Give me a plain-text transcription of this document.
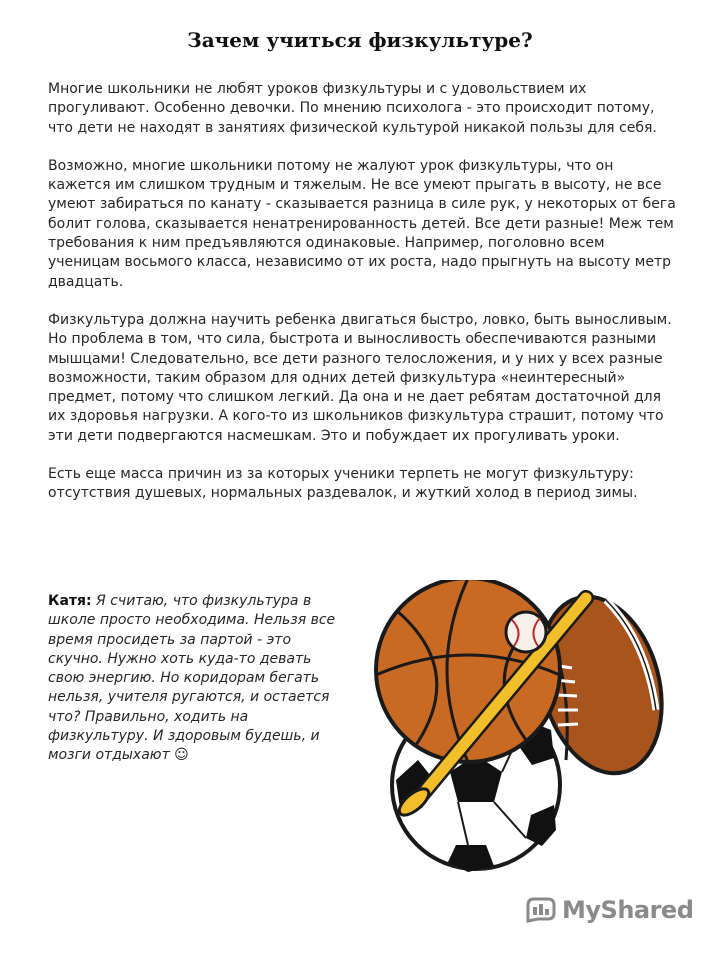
Зачем учиться физкультуре?

Многие школьники не любят уроков физкультуры и с удовольствием их прогуливают. Особенно девочки. По мнению психолога - это происходит потому, что дети не находят в занятиях физической культурой никакой пользы для себя.

Возможно, многие школьники потому не жалуют урок физкультуры, что он кажется им слишком трудным и тяжелым. Не все умеют прыгать в высоту, не все умеют забираться по канату - сказывается разница в силе рук, у некоторых от бега болит голова, сказывается ненатренированность детей. Все дети разные! Меж тем требования к ним предъявляются одинаковые. Например, поголовно всем ученицам восьмого класса, независимо от их роста, надо прыгнуть на высоту метр двадцать.

Физкультура должна научить ребенка двигаться быстро, ловко, быть выносливым. Но проблема в том, что сила, быстрота и выносливость обеспечиваются разными мышцами! Следовательно, все дети разного телосложения, и у них у всех разные возможности, таким образом для одних детей физкультура «неинтересный» предмет, потому что слишком легкий. Да она и не дает ребятам достаточной для их здоровья нагрузки. А кого-то из школьников физкультура страшит, потому что эти дети подвергаются насмешкам. Это и побуждает их прогуливать уроки.

Есть еще масса причин из за которых ученики терпеть не могут физкультуру: отсутствия душевых, нормальных раздевалок, и жуткий холод в период зимы.

Катя: Я считаю, что физкультура в школе просто необходима. Нельзя все время просидеть за партой - это скучно. Нужно хоть куда-то девать свою энергию. Но коридорам бегать нельзя, учителя ругаются, и остается что? Правильно, ходить на физкультуру. И здоровым будешь, и мозги отдыхают ☺
MyShared
